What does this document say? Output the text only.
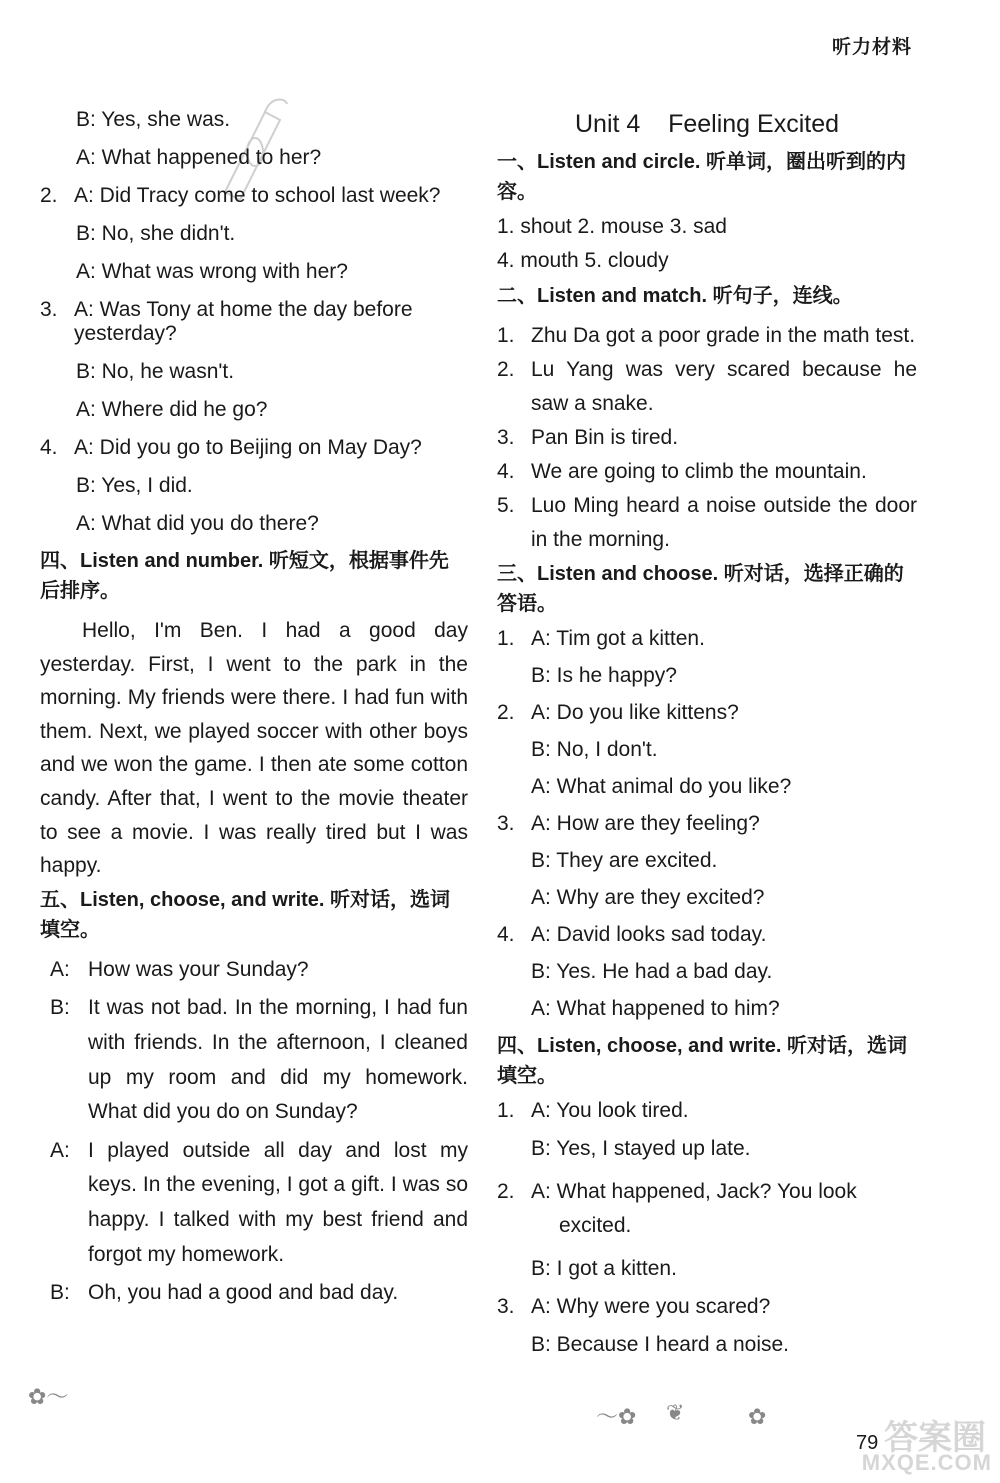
听力材料
B: Yes, she was.
A: What happened to her?
2. A: Did Tracy come to school last week?
B: No, she didn't.
A: What was wrong with her?
3. A: Was Tony at home the day before yesterday?
B: No, he wasn't.
A: Where did he go?
4. A: Did you go to Beijing on May Day?
B: Yes, I did.
A: What did you do there?
四、Listen and number. 听短文，根据事件先后排序。
Hello, I'm Ben. I had a good day yesterday. First, I went to the park in the morning. My friends were there. I had fun with them. Next, we played soccer with other boys and we won the game. I then ate some cotton candy. After that, I went to the movie theater to see a movie. I was really tired but I was happy.
五、Listen, choose, and write. 听对话，选词填空。
A: How was your Sunday?
B: It was not bad. In the morning, I had fun with friends. In the afternoon, I cleaned up my room and did my homework. What did you do on Sunday?
A: I played outside all day and lost my keys. In the evening, I got a gift. I was so happy. I talked with my best friend and forgot my homework.
B: Oh, you had a good and bad day.
Unit 4    Feeling Excited
一、Listen and circle. 听单词，圈出听到的内容。
1. shout 2. mouse 3. sad
4. mouth 5. cloudy
二、Listen and match. 听句子，连线。
1. Zhu Da got a poor grade in the math test.
2. Lu Yang was very scared because he saw a snake.
3. Pan Bin is tired.
4. We are going to climb the mountain.
5. Luo Ming heard a noise outside the door in the morning.
三、Listen and choose. 听对话，选择正确的答语。
1. A: Tim got a kitten.
B: Is he happy?
2. A: Do you like kittens?
B: No, I don't.
A: What animal do you like?
3. A: How are they feeling?
B: They are excited.
A: Why are they excited?
4. A: David looks sad today.
B: Yes. He had a bad day.
A: What happened to him?
四、Listen, choose, and write. 听对话，选词填空。
1. A: You look tired.
B: Yes, I stayed up late.
2. A: What happened, Jack? You look excited.
B: I got a kitten.
3. A: Why were you scared?
B: Because I heard a noise.
✿〜
〜✿ ❦	✿
79 答案圈
MXQE.COM
